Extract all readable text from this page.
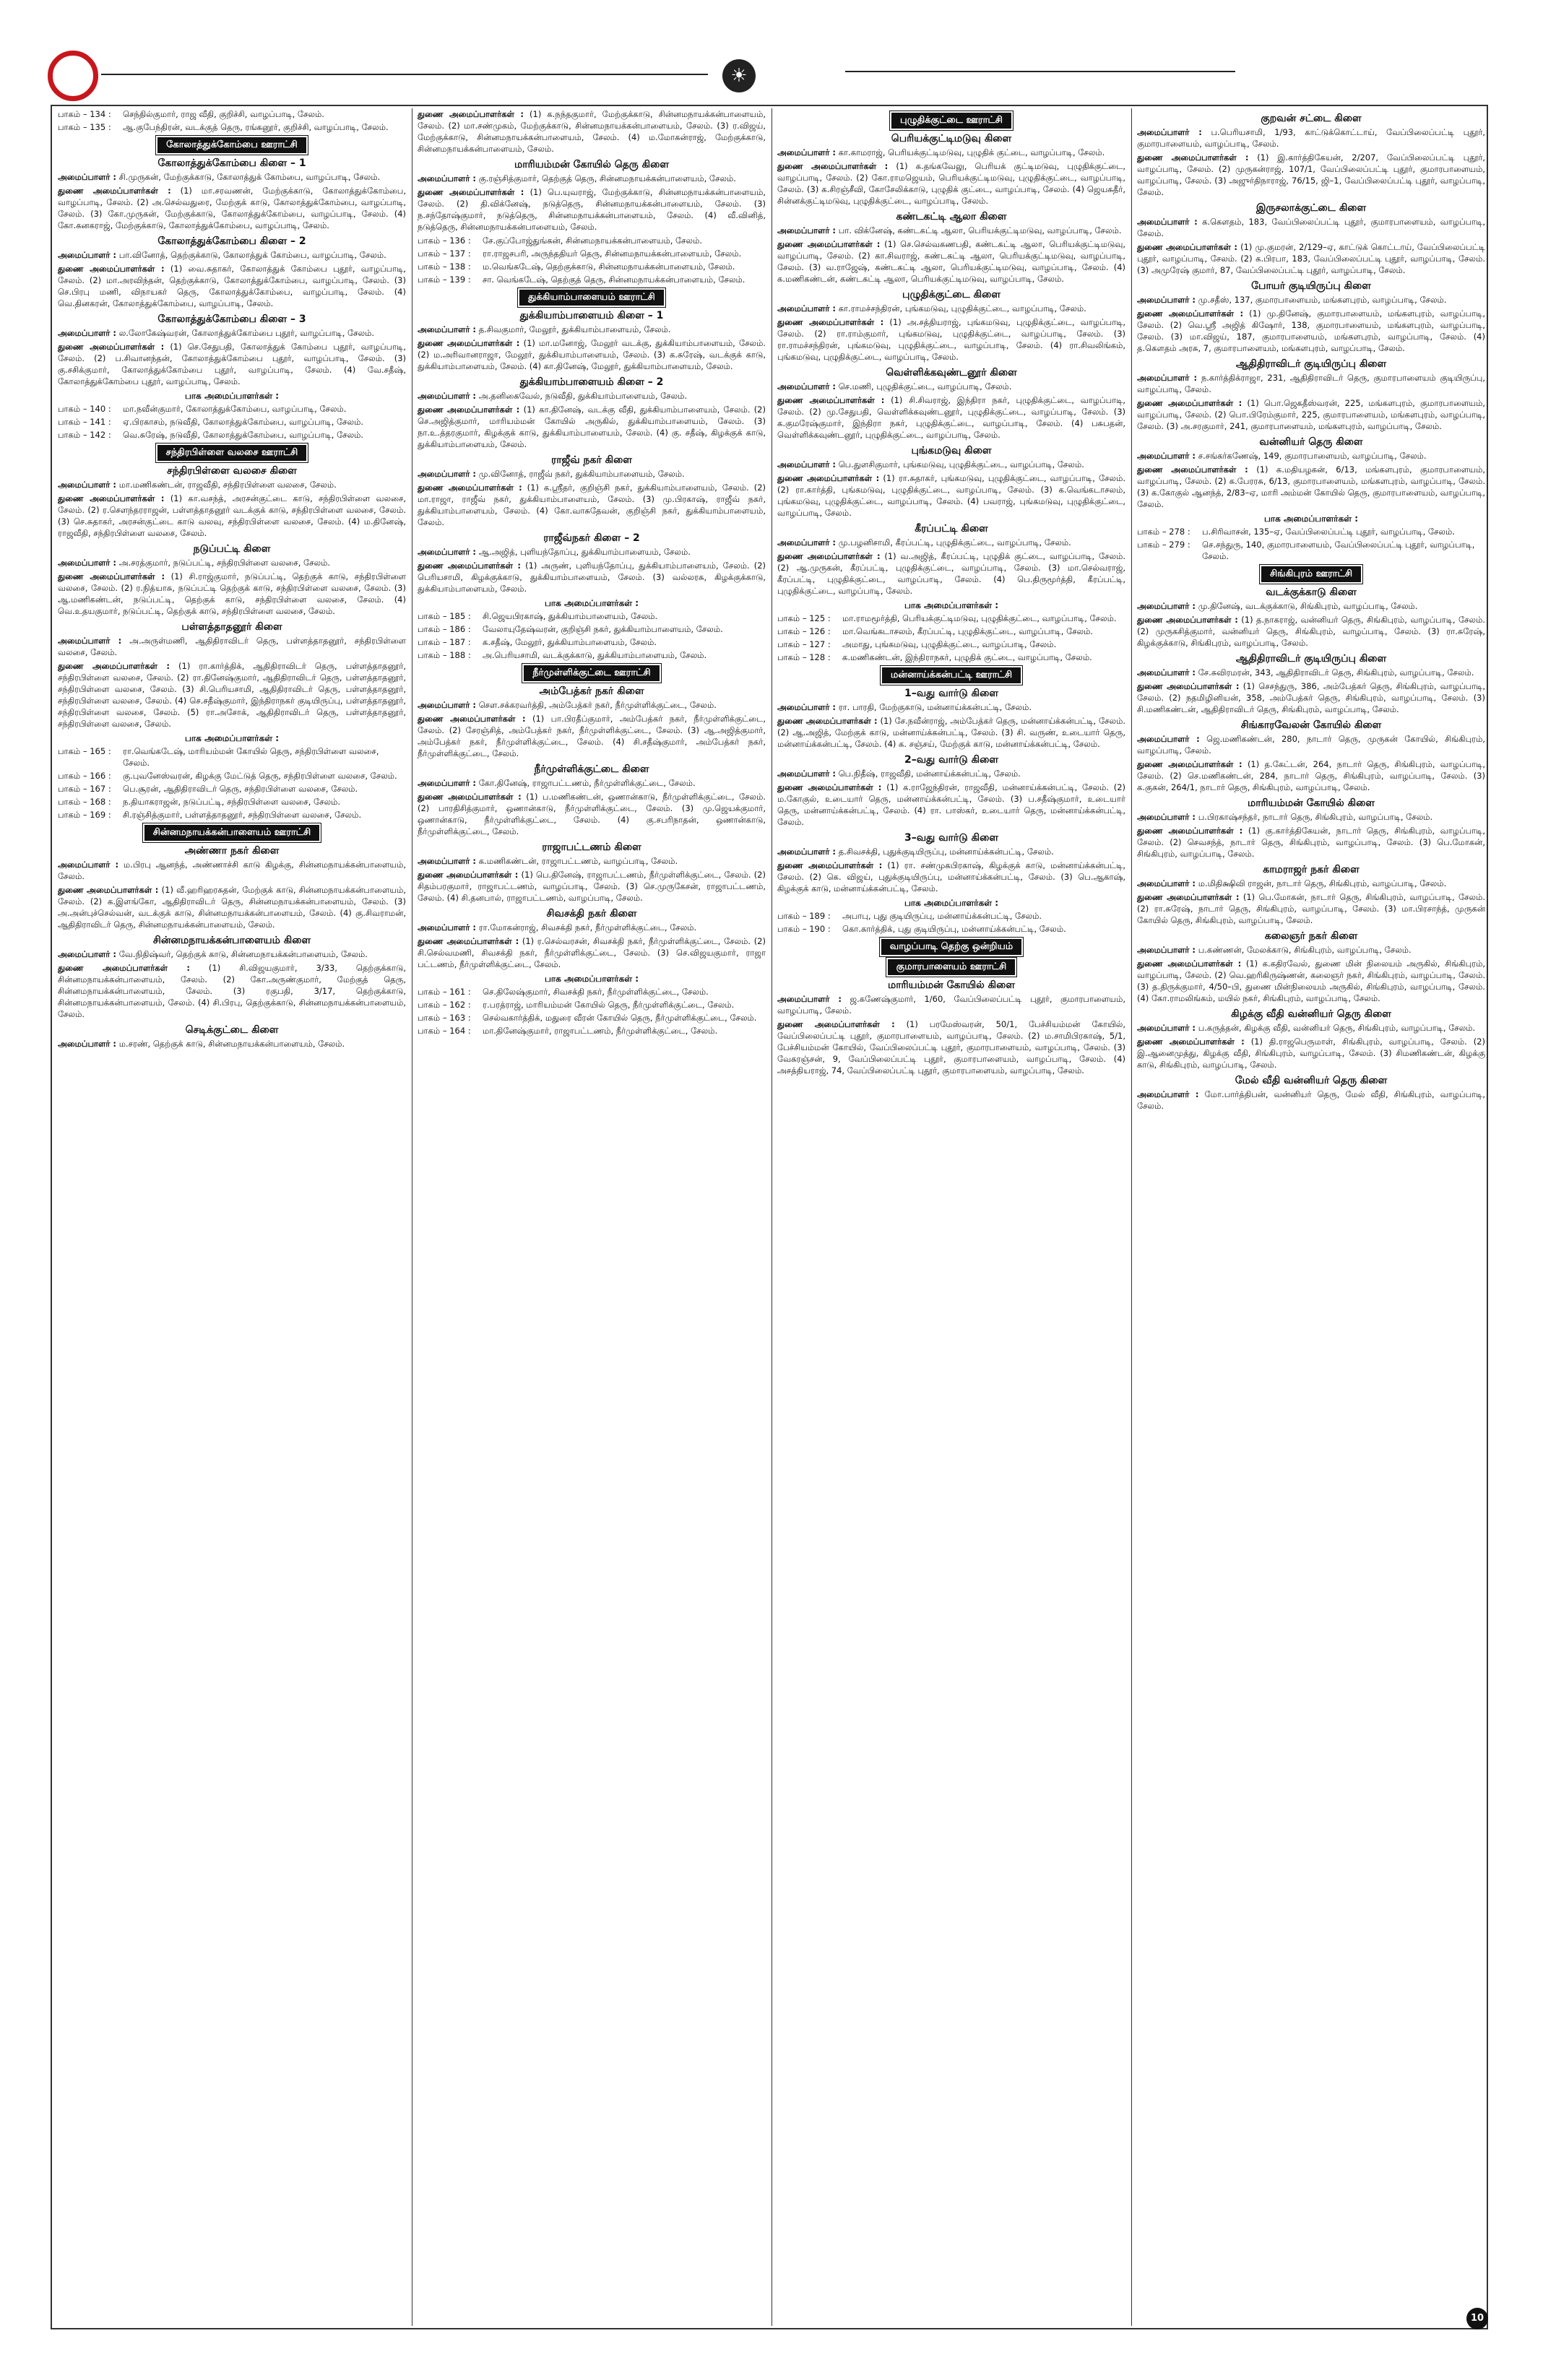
☀
பாகம் – 134 :	செந்தில்குமார், ராஜ வீதி, குறிச்சி, வாழப்பாடி, சேலம்.
பாகம் – 135 :	ஆ.குபேந்திரன், வடக்குத் தெரு, ரங்கனூர், குறிச்சி, வாழப்பாடி, சேலம்.
கோலாத்துக்கோம்பை ஊராட்சி
கோலாத்துக்கோம்பை கிளை – 1
அமைப்பாளர் : சி.முருகன், மேற்குக்காடு, கோலாத்துக் கோம்பை, வாழப்பாடி, சேலம்.
துணை அமைப்பாளர்கள் : (1) மா.சரவணன், மேற்குக்காடு, கோலாத்துக்கோம்பை, வாழப்பாடி, சேலம். (2) அ.செல்வதுரை, மேற்குக் காடு, கோலாத்துக்கோம்பை, வாழப்பாடி, சேலம். (3) கோ.முருகன், மேற்குக்காடு, கோலாத்துக்கோம்பை, வாழப்பாடி, சேலம். (4) கோ.கனகராஜ், மேற்குக்காடு, கோலாத்துக்கோம்பை, வாழப்பாடி, சேலம்.
கோலாத்துக்கோம்பை கிளை – 2
அமைப்பாளர் : பா.வினோத், தெற்குக்காடு, கோலாத்துக் கோம்பை, வாழப்பாடி, சேலம்.
துணை அமைப்பாளர்கள் : (1) வை.சுதாகர், கோலாத்துக் கோம்பை புதூர், வாழப்பாடி, சேலம். (2) மா.அரவிந்தன், தெற்குக்காடு, கோலாத்துக்கோம்பை, வாழப்பாடி, சேலம். (3) செ.பிரபு மணி, விநாயகர் தெரு, கோலாத்துக்கோம்பை, வாழப்பாடி, சேலம். (4) வெ.தினகரன், கோலாத்துக்கோம்பை, வாழப்பாடி, சேலம்.
கோலாத்துக்கோம்பை கிளை – 3
அமைப்பாளர் : ல.லோகேஷ்வரன், கோலாத்துக்கோம்பை புதூர், வாழப்பாடி, சேலம்.
துணை அமைப்பாளர்கள் : (1) செ.சேதுபதி, கோலாத்துக் கோம்பை புதூர், வாழப்பாடி, சேலம். (2) ப.சிவானந்தன், கோலாத்துக்கோம்பை புதூர், வாழப்பாடி, சேலம். (3) கு.சசிக்குமார், கோலாத்துக்கோம்பை புதூர், வாழப்பாடி, சேலம். (4) வே.சதீஷ், கோலாத்துக்கோம்பை புதூர், வாழப்பாடி, சேலம்.
பாக அமைப்பாளர்கள் :
பாகம் – 140 :	மா.நவீன்குமார், கோலாத்துக்கோம்பை, வாழப்பாடி, சேலம்.
பாகம் – 141 :	ஏ.பிரகாசம், நடுவீதி, கோலாத்துக்கோம்பை, வாழப்பாடி, சேலம்.
பாகம் – 142 :	வெ.சுரேஷ், நடுவீதி, கோலாத்துக்கோம்பை, வாழப்பாடி, சேலம்.
சந்திரபிள்ளை வலசை ஊராட்சி
சந்திரபிள்ளை வலசை கிளை
அமைப்பாளர் : மா.மணிகண்டன், ராஜவீதி, சந்திரபிள்ளை வலசை, சேலம்.
துணை அமைப்பாளர்கள் : (1) கா.வசந்த், அரசன்குட்டை காடு, சந்திரபிள்ளை வலசை, சேலம். (2) ர.சௌந்தரராஜன், பள்ளத்தாதனூர் வடக்குக் காடு, சந்திரபிள்ளை வலசை, சேலம். (3) செ.சுதாகர், அரசன்குட்டை காடு வலவு, சந்திரபிள்ளை வலசை, சேலம். (4) ம.தினேஷ், ராஜவீதி, சந்திரபிள்ளை வலசை, சேலம்.
நடுப்பட்டி கிளை
அமைப்பாளர் : அ.சரத்குமார், நடுப்பட்டி, சந்திரபிள்ளை வலசை, சேலம்.
துணை அமைப்பாளர்கள் : (1) சி.ராஜ்குமார், நடுப்பட்டி, தெற்குக் காடு, சந்திரபிள்ளை வலசை, சேலம். (2) ர.நித்யாசு, நடுப்பட்டி தெற்குக் காடு, சந்திரபிள்ளை வலசை, சேலம். (3) ஆ.மணிகண்டன், நடுப்பட்டி, தெற்குக் காடு, சந்திரபிள்ளை வலசை, சேலம். (4) வெ.உதயகுமார், நடுப்பட்டி, தெற்குக் காடு, சந்திரபிள்ளை வலசை, சேலம்.
பள்ளத்தாதனூர் கிளை
அமைப்பாளர் : அ.அருள்மணி, ஆதிதிராவிடர் தெரு, பள்ளத்தாதனூர், சந்திரபிள்ளை வலசை, சேலம்.
துணை அமைப்பாளர்கள் : (1) ரா.கார்த்திக், ஆதிதிராவிடர் தெரு, பள்ளத்தாதனூர், சந்திரபிள்ளை வலசை, சேலம். (2) ரா.தினேஷ்குமார், ஆதிதிராவிடர் தெரு, பள்ளத்தாதனூர், சந்திரபிள்ளை வலசை, சேலம். (3) சி.பெரியசாமி, ஆதிதிராவிடர் தெரு, பள்ளத்தாதனூர், சந்திரபிள்ளை வலசை, சேலம். (4) செ.சதீஷ்குமார், இந்திராநகர் குடியிருப்பு, பள்ளத்தாதனூர், சந்திரபிள்ளை வலசை, சேலம். (5) ரா.அசோக், ஆதிதிராவிடர் தெரு, பள்ளத்தாதனூர், சந்திரபிள்ளை வலசை, சேலம்.
பாக அமைப்பாளர்கள் :
பாகம் – 165 :	ரா.வெங்கடேஷ், மாரியம்மன் கோயில் தெரு, சந்திரபிள்ளை வலசை, சேலம்.
பாகம் – 166 :	கு.புவனேஸ்வரன், கிழக்கு மேட்டுத் தெரு, சந்திரபிள்ளை வலசை, சேலம்.
பாகம் – 167 :	பெ.சூரன், ஆதிதிராவிடர் தெரு, சந்திரபிள்ளை வலசை, சேலம்.
பாகம் – 168 :	ந.தியாகராஜன், நடுப்பட்டி, சந்திரபிள்ளை வலசை, சேலம்.
பாகம் – 169 :	சி.ரஞ்சித்குமார், பள்ளத்தாதனூர், சந்திரபிள்ளை வலசை, சேலம்.
சின்னமநாயக்கன்பாளையம் ஊராட்சி
அண்ணா நகர் கிளை
அமைப்பாளர் : ம.பிரபு ஆனந்த், அண்ணாச்சி காடு கிழக்கு, சின்னமநாயக்கன்பாளையம், சேலம்.
துணை அமைப்பாளர்கள் : (1) வீ.ஹரிஹரசுதன், மேற்குக் காடு, சின்னமநாயக்கன்பாளையம், சேலம். (2) க.இளங்கோ, ஆதிதிராவிடர் தெரு, சின்னமநாயக்கன்பாளையம், சேலம். (3) அ.அன்புச்செல்வன், வடக்குக் காடு, சின்னமநாயக்கன்பாளையம், சேலம். (4) கு.சிவராமன், ஆதிதிராவிடர் தெரு, சின்னமநாயக்கன்பாளையம், சேலம்.
சின்னமநாயக்கன்பாளையம் கிளை
அமைப்பாளர் : வே.நிதிஷ்வர், தெற்குக் காடு, சின்னமநாயக்கன்பாளையம், சேலம்.
துணை அமைப்பாளர்கள் : (1) சி.விஜயகுமார், 3/33, தெற்குக்காடு, சின்னமநாயக்கன்பாளையம், சேலம். (2) கோ.அருண்குமார், மேற்குத் தெரு, சின்னமநாயக்கன்பாளையம், சேலம். (3) ரகுபதி, 3/17, தெற்குக்காடு, சின்னமநாயக்கன்பாளையம், சேலம். (4) சி.பிரபு, தெற்குக்காடு, சின்னமநாயக்கன்பாளையம், சேலம்.
செடிக்குட்டை கிளை
அமைப்பாளர் : ம.சரண், தெற்குக் காடு, சின்னமநாயக்கன்பாளையம், சேலம்.
துணை அமைப்பாளர்கள் : (1) க.நந்தகுமார், மேற்குக்காடு, சின்னமநாயக்கன்பாளையம், சேலம். (2) மா.சண்முகம், மேற்குக்காடு, சின்னமநாயக்கன்பாளையம், சேலம். (3) ர.விஜய், மேற்குக்காடு, சின்னமநாயக்கன்பாளையம், சேலம். (4) ம.மோகன்ராஜ், மேற்குக்காடு, சின்னமநாயக்கன்பாளையம், சேலம்.
மாரியம்மன் கோயில் தெரு கிளை
அமைப்பாளர் : கு.ரஞ்சித்குமார், தெற்குத் தெரு, சின்னமநாயக்கன்பாளையம், சேலம்.
துணை அமைப்பாளர்கள் : (1) பெ.யுவராஜ், மேற்குக்காடு, சின்னமநாயக்கன்பாளையம், சேலம். (2) தி.விக்னேஷ், நடுத்தெரு, சின்னமநாயக்கன்பாளையம், சேலம். (3) ந.சந்தோஷ்குமார், நடுத்தெரு, சின்னமநாயக்கன்பாளையம், சேலம். (4) வீ.வினித், நடுத்தெரு, சின்னமநாயக்கன்பாளையம், சேலம்.
பாகம் – 136 :	சே.குப்போஜ்துங்கன், சின்னமநாயக்கன்பாளையம், சேலம்.
பாகம் – 137 :	ரா.ராஜசபரி, அருந்ததியர் தெரு, சின்னமநாயக்கன்பாளையம், சேலம்.
பாகம் – 138 :	ம.வெங்கடேஷ், தெற்குக்காடு, சின்னமநாயக்கன்பாளையம், சேலம்.
பாகம் – 139 :	சா. வெங்கடேஷ், தெற்குத் தெரு, சின்னமநாயக்கன்பாளையம், சேலம்.
துக்கியாம்பாளையம் ஊராட்சி
துக்கியாம்பாளையம் கிளை – 1
அமைப்பாளர் : த.சிவகுமார், மேலூர், துக்கியாம்பாளையம், சேலம்.
துணை அமைப்பாளர்கள் : (1) மா.மனோஜ், மேலூர் வடக்கு, துக்கியாம்பாளையம், சேலம். (2) ம.அரிவானராஜா, மேலூர், துக்கியாம்பாளையம், சேலம். (3) க.சுரேஷ், வடக்குக் காடு, துக்கியாம்பாளையம், சேலம். (4) கா.தினேஷ், மேலூர், துக்கியாம்பாளையம், சேலம்.
துக்கியாம்பாளையம் கிளை – 2
அமைப்பாளர் : அ.தனிகைவேல், நடுவீதி, துக்கியாம்பாளையம், சேலம்.
துணை அமைப்பாளர்கள் : (1) கா.தினேஷ், வடக்கு வீதி, துக்கியாம்பாளையம், சேலம். (2) செ.அஜித்குமார், மாரியம்மன் கோயில் அருகில், துக்கியாம்பாளையம், சேலம். (3) நா.உ.த்தரகுமார், கிழக்குக் காடு, துக்கியாம்பாளையம், சேலம். (4) கு. சதீஷ், கிழக்குக் காடு, துக்கியாம்பாளையம், சேலம்.
ராஜீவ் நகர் கிளை
அமைப்பாளர் : மு.வினோத், ராஜீவ் நகர், துக்கியாம்பாளையம், சேலம்.
துணை அமைப்பாளர்கள் : (1) க.ஸ்ரீதர், குறிஞ்சி நகர், துக்கியாம்பாளையம், சேலம். (2) மா.ராஜா, ராஜீவ் நகர், துக்கியாம்பாளையம், சேலம். (3) மு.பிரகாஷ், ராஜீவ் நகர், துக்கியாம்பாளையம், சேலம். (4) கோ.வாசுதேவன், குறிஞ்சி நகர், துக்கியாம்பாளையம், சேலம்.
ராஜீவ்நகர் கிளை – 2
அமைப்பாளர் : ஆ.அஜித், புளியந்தோப்பு, துக்கியாம்பாளையம், சேலம்.
துணை அமைப்பாளர்கள் : (1) அருண், புளியந்தோப்பு, துக்கியாம்பாளையம், சேலம். (2) பெரியசாமி, கிழக்குக்காடு, துக்கியாம்பாளையம், சேலம். (3) வல்லரசு, கிழக்குக்காடு, துக்கியாம்பாளையம், சேலம்.
பாக அமைப்பாளர்கள் :
பாகம் – 185 :	சி.ஜெயபிரகாஷ், துக்கியாம்பாளையம், சேலம்.
பாகம் – 186 :	வேலாயுதேஷ்வரன், குறிஞ்சி நகர், துக்கியாம்பாளையம், சேலம்.
பாகம் – 187 :	க.சதீஷ், மேலூர், துக்கியாம்பாளையம், சேலம்.
பாகம் – 188 :	அ.பெரியசாமி, வடக்குக்காடு, துக்கியாம்பாளையம், சேலம்.
நீர்முள்ளிக்குட்டை ஊராட்சி
அம்பேத்கர் நகர் கிளை
அமைப்பாளர் : செள.சக்கரவர்த்தி, அம்பேத்கர் நகர், நீர்முள்ளிக்குட்டை, சேலம்.
துணை அமைப்பாளர்கள் : (1) பா.பிரதீப்குமார், அம்பேத்கர் நகர், நீர்முள்ளிக்குட்டை, சேலம். (2) சேரஞ்சித், அம்பேத்கர் நகர், நீர்முள்ளிக்குட்டை, சேலம். (3) ஆ.அஜித்குமார், அம்பேத்கர் நகர், நீர்முள்ளிக்குட்டை, சேலம். (4) சி.சதீஷ்குமார், அம்பேத்கர் நகர், நீர்முள்ளிக்குட்டை, சேலம்.
நீர்முள்ளிக்குட்டை கிளை
அமைப்பாளர் : கோ.தினேஷ், ராஜாபட்டணம், நீர்முள்ளிக்குட்டை, சேலம்.
துணை அமைப்பாளர்கள் : (1) ப.மணிகண்டன், ஒணான்காடு, நீர்முள்ளிக்குட்டை, சேலம். (2) பாரதிசித்குமார், ஒணான்காடு, நீர்முள்ளிக்குட்டை, சேலம். (3) மு.ஜெயக்குமார், ஒணான்காடு, நீர்முள்ளிக்குட்டை, சேலம். (4) கு.சபரிநாதன், ஒணான்காடு, நீர்முள்ளிக்குட்டை, சேலம்.
ராஜாபட்டணம் கிளை
அமைப்பாளர் : க.மணிகண்டன், ராஜாபட்டணம், வாழப்பாடி, சேலம்.
துணை அமைப்பாளர்கள் : (1) பெ.தினேஷ், ராஜாபட்டணம், நீர்முள்ளிக்குட்டை, சேலம். (2) சிதம்பரகுமார், ராஜாபட்டணம், வாழப்பாடி, சேலம். (3) செ.முருகேசன், ராஜாபட்டணம், சேலம். (4) சி.தனபால், ராஜாபட்டணம், வாழப்பாடி, சேலம்.
சிவசக்தி நகர் கிளை
அமைப்பாளர் : ரா.மோகன்ராஜ், சிவசக்தி நகர், நீர்முள்ளிக்குட்டை, சேலம்.
துணை அமைப்பாளர்கள் : (1) ர.செல்வரசன், சிவசக்தி நகர், நீர்முள்ளிக்குட்டை, சேலம். (2) சி.செல்வமணி, சிவசக்தி நகர், நீர்முள்ளிக்குட்டை, சேலம். (3) செ.விஜயகுமார், ராஜா பட்டணம், நீர்முள்ளிக்குட்டை, சேலம்.
பாக அமைப்பாளர்கள் :
பாகம் – 161 :	செ.திலேஷ்குமார், சிவசக்தி நகர், நீர்முள்ளிக்குட்டை, சேலம்.
பாகம் – 162 :	ர.பரத்ராஜ், மாரியம்மன் கோயில் தெரு, நீர்முள்ளிக்குட்டை, சேலம்.
பாகம் – 163 :	செல்வகார்த்திக், மதுரை வீரன் கோயில் தெரு, நீர்முள்ளிக்குட்டை, சேலம்.
பாகம் – 164 :	மா.தினேஷ்குமார், ராஜாபட்டணம், நீர்முள்ளிக்குட்டை, சேலம்.
புழுதிக்குட்டை ஊராட்சி
பெரியக்குட்டிமடுவு கிளை
அமைப்பாளர் : கா.காமராஜ், பெரியக்குட்டிமடுவு, புழுதிக் குட்டை, வாழப்பாடி, சேலம்.
துணை அமைப்பாளர்கள் : (1) க.தங்கவேலு, பெரியக் குட்டிமடுவு, புழுதிக்குட்டை, வாழப்பாடி, சேலம். (2) கோ.ராமஜெயம், பெரியக்குட்டிமடுவு, புழுதிக்குட்டை, வாழப்பாடி, சேலம். (3) க.சிரஞ்சீவி, கோசேலிக்காடு, புழுதிக் குட்டை, வாழப்பாடி, சேலம். (4) ஜெயசுதீர், சின்னக்குட்டிமடுவு, புழுதிக்குட்டை, வாழப்பாடி, சேலம்.
கண்டகட்டி ஆலா கிளை
அமைப்பாளர் : பா. விக்னேஷ், கண்டகட்டி ஆலா, பெரியக்குட்டிமடுவு, வாழப்பாடி, சேலம்.
துணை அமைப்பாளர்கள் : (1) செ.செல்வகணபதி, கண்டகட்டி ஆலா, பெரியக்குட்டிமடுவு, வாழப்பாடி, சேலம். (2) கா.சிவராஜ், கண்டகட்டி ஆலா, பெரியக்குட்டிமடுவு, வாழப்பாடி, சேலம். (3) வ.ராஜேஷ், கண்டகட்டி ஆலா, பெரியக்குட்டிமடுவு, வாழப்பாடி, சேலம். (4) க.மணிகண்டன், கண்டகட்டி ஆலா, பெரியக்குட்டிமடுவு, வாழப்பாடி, சேலம்.
புழுதிக்குட்டை கிளை
அமைப்பாளர் : கா.ராமச்சந்திரன், புங்கமடுவு, புழுதிக்குட்டை, வாழப்பாடி, சேலம்.
துணை அமைப்பாளர்கள் : (1) அ.சத்தியராஜ், புங்கமடுவு, புழுதிக்குட்டை, வாழப்பாடி, சேலம். (2) ரா.ராம்குமார், புங்கமடுவு, புழுதிக்குட்டை, வாழப்பாடி, சேலம். (3) ரா.ராமச்சந்திரன், புங்கமடுவு, புழுதிக்குட்டை, வாழப்பாடி, சேலம். (4) ரா.சிவலிங்கம், புங்கமடுவு, புழுதிக்குட்டை, வாழப்பாடி, சேலம்.
வெள்ளிக்கவுண்டனூர் கிளை
அமைப்பாளர் : செ.மணி, புழுதிக்குட்டை, வாழப்பாடி, சேலம்.
துணை அமைப்பாளர்கள் : (1) சி.சிவராஜ், இந்திரா நகர், புழுதிக்குட்டை, வாழப்பாடி, சேலம். (2) மு.சேதுபதி, வெள்ளிக்கவுண்டனூர், புழுதிக்குட்டை, வாழப்பாடி, சேலம். (3) க.குமரேஷ்குமார், இந்திரா நகர், புழுதிக்குட்டை, வாழப்பாடி, சேலம். (4) பசுபதன், வெள்ளிக்கவுண்டனூர், புழுதிக்குட்டை, வாழப்பாடி, சேலம்.
புங்கமடுவு கிளை
அமைப்பாளர் : பெ.துளசிகுமார், புங்கமடுவு, புழுதிக்குட்டை, வாழப்பாடி, சேலம்.
துணை அமைப்பாளர்கள் : (1) ரா.சுதாகர், புங்கமடுவு, புழுதிக்குட்டை, வாழப்பாடி, சேலம். (2) ரா.கார்த்தி, புங்கமடுவு, புழுதிக்குட்டை, வாழப்பாடி, சேலம். (3) க.வெங்கடாசலம், புங்கமடுவு, புழுதிக்குட்டை, வாழப்பாடி, சேலம். (4) பவராஜ், புங்கமடுவு, புழுதிக்குட்டை, வாழப்பாடி, சேலம்.
கீரப்பட்டி கிளை
அமைப்பாளர் : மு.பழனிசாமி, கீரப்பட்டி, புழுதிக்குட்டை, வாழப்பாடி, சேலம்.
துணை அமைப்பாளர்கள் : (1) வ.அஜித், கீரப்பட்டி, புழுதிக் குட்டை, வாழப்பாடி, சேலம். (2) ஆ.முருகன், கீரப்பட்டி, புழுதிக்குட்டை, வாழப்பாடி, சேலம். (3) மா.செல்வராஜ், கீரப்பட்டி, புழுதிக்குட்டை, வாழப்பாடி, சேலம். (4) பெ.திருமூர்த்தி, கீரப்பட்டி, புழுதிக்குட்டை, வாழப்பாடி, சேலம்.
பாக அமைப்பாளர்கள் :
பாகம் – 125 :	மா.ராமமூர்த்தி, பெரியக்குட்டிமடுவு, புழுதிக்குட்டை, வாழப்பாடி, சேலம்.
பாகம் – 126 :	மா.வெங்கடாசலம், கீரப்பட்டி, புழுதிக்குட்டை, வாழப்பாடி, சேலம்.
பாகம் – 127 :	அமாது, புங்கமடுவு, புழுதிக்குட்டை, வாழப்பாடி, சேலம்.
பாகம் – 128 :	க.மணிகண்டன், இந்திராநகர், புழுதிக் குட்டை, வாழப்பாடி, சேலம்.
மன்னாய்க்கன்பட்டி ஊராட்சி
1–வது வார்டு கிளை
அமைப்பாளர் : ரா. பாரதி, மேற்குகாடு, மன்னாய்க்கன்பட்டி, சேலம்.
துணை அமைப்பாளர்கள் : (1) சே.நவீன்ராஜ், அம்பேத்கர் தெரு, மன்னாய்க்கன்பட்டி, சேலம். (2) ஆ.அஜித், மேற்குக் காடு, மன்னாய்க்கன்பட்டி, சேலம். (3) சி. வருண், உடையார் தெரு, மன்னாய்க்கன்பட்டி, சேலம். (4) க. சஞ்சய், மேற்குக் காடு, மன்னாய்க்கன்பட்டி, சேலம்.
2–வது வார்டு கிளை
அமைப்பாளர் : பெ.நிதீஷ், ராஜவீதி, மன்னாய்க்கன்பட்டி, சேலம்.
துணை அமைப்பாளர்கள் : (1) க.ராஜேந்திரன், ராஜவீதி, மன்னாய்க்கன்பட்டி, சேலம். (2) ம.கோகுல், உடையார் தெரு, மன்னாய்க்கன்பட்டி, சேலம். (3) ப.சதீஷ்குமார், உடையார் தெரு, மன்னாய்க்கன்பட்டி, சேலம். (4) ரா. பாஸ்கர், உடையார் தெரு, மன்னாய்க்கன்பட்டி, சேலம்.
3–வது வார்டு கிளை
அமைப்பாளர் : த.சிவசக்தி, புதுக்குடியிருப்பு, மன்னாய்க்கன்பட்டி, சேலம்.
துணை அமைப்பாளர்கள் : (1) ரா. சண்முகபிரகாஷ், கிழக்குக் காடு, மன்னாய்க்கன்பட்டி, சேலம். (2) கெ. விஜய், புதுக்குடியிருப்பு, மன்னாய்க்கன்பட்டி, சேலம். (3) பெ.ஆகாஷ், கிழக்குக் காடு, மன்னாய்க்கன்பட்டி, சேலம்.
பாக அமைப்பாளர்கள் :
பாகம் – 189 :	அபாபு, புது குடியிருப்பு, மன்னாய்க்கன்பட்டி, சேலம்.
பாகம் – 190 :	கொ.கார்த்திக், புது குடியிருப்பு, மன்னாய்க்கன்பட்டி, சேலம்.
வாழப்பாடி தெற்கு ஒன்றியம்
குமாரபாளையம் ஊராட்சி
மாரியம்மன் கோயில் கிளை
அமைப்பாளர் : ஜ.கணேஷ்குமார், 1/60, வேப்பிலைப்பட்டி புதூர், குமாரபாளையம், வாழப்பாடி, சேலம்.
துணை அமைப்பாளர்கள் : (1) பரமேஸ்வரன், 50/1, பேச்சியம்மன் கோயில், வேப்பிலைப்பட்டி புதூர், குமாரபாளையம், வாழப்பாடி, சேலம். (2) ம.சாமிபிரகாஷ், 5/1, பேச்சியம்மன் கோயில், வேப்பிலைப்பட்டி புதூர், குமாரபாளையம், வாழப்பாடி, சேலம். (3) வேகரஞ்சன், 9, வேப்பிலைப்பட்டி புதூர், குமாரபாளையம், வாழப்பாடி, சேலம். (4) அசத்தியராஜ், 74, வேப்பிலைப்பட்டி புதூர், குமாரபாளையம், வாழப்பாடி, சேலம்.
குறவன் சட்டை கிளை
அமைப்பாளர் : ப.பெரியசாமி, 1/93, காட்டுக்கொட்டாய், வேப்பிலைப்பட்டி புதூர், குமாரபாளையம், வாழப்பாடி, சேலம்.
துணை அமைப்பாளர்கள் : (1) இ.கார்த்திகேயன், 2/207, வேப்பிலைப்பட்டி புதூர், வாழப்பாடி, சேலம். (2) முருகன்ராஜ், 107/1, வேப்பிலைப்பட்டி புதூர், குமாரபாளையம், வாழப்பாடி, சேலம். (3) அஜுர்திநாராஜ், 76/15, ஜி–1, வேப்பிலைப்பட்டி புதூர், வாழப்பாடி, சேலம்.
இருசலாக்குட்டை கிளை
அமைப்பாளர் : க.கௌதம், 183, வேப்பிலைப்பட்டி புதூர், குமாரபாளையம், வாழப்பாடி, சேலம்.
துணை அமைப்பாளர்கள் : (1) மு.குமரன், 2/129–ஏ, காட்டுக் கொட்டாய், வேப்பிலைப்பட்டி புதூர், வாழப்பாடி, சேலம். (2) க.பிரபா, 183, வேப்பிலைப்பட்டி புதூர், வாழப்பாடி, சேலம். (3) அமுரேஷ் குமார், 87, வேப்பிலைப்பட்டி புதூர், வாழப்பாடி, சேலம்.
போயர் குடியிருப்பு கிளை
அமைப்பாளர் : மு.சதீஸ், 137, குமாரபாளையம், மங்களபுரம், வாழப்பாடி, சேலம்.
துணை அமைப்பாளர்கள் : (1) மு.தினேஷ், குமாரபாளையம், மங்களபுரம், வாழப்பாடி, சேலம். (2) வெ.ஸ்ரீ அஜித் கிஷோர், 138, குமாரபாளையம், மங்களபுரம், வாழப்பாடி, சேலம். (3) மா.விஜய், 187, குமாரபாளையம், மங்களபுரம், வாழப்பாடி, சேலம். (4) த.கௌதம் அரசு, 7, குமாரபாளையம், மங்களபுரம், வாழப்பாடி, சேலம்.
ஆதிதிராவிடர் குடியிருப்பு கிளை
அமைப்பாளர் : ந.கார்த்திக்ராஜா, 231, ஆதிதிராவிடர் தெரு, குமாரபாளையம் குடியிருப்பு, வாழப்பாடி, சேலம்.
துணை அமைப்பாளர்கள் : (1) பொ.ஜெகதீஸ்வரன், 225, மங்களபுரம், குமாரபாளையம், வாழப்பாடி, சேலம். (2) பொ.பிரேம்குமார், 225, குமாரபாளையம், மங்களபுரம், வாழப்பாடி, சேலம். (3) அ.சரகுமார், 241, குமாரபாளையம், மங்களபுரம், வாழப்பாடி, சேலம்.
வன்னியர் தெரு கிளை
அமைப்பாளர் : ச.சங்கர்கணேஷ், 149, குமாரபாளையம், வாழப்பாடி, சேலம்.
துணை அமைப்பாளர்கள் : (1) க.மதியழகன், 6/13, மங்களபுரம், குமாரபாளையம், வாழப்பாடி, சேலம். (2) க.பேரரசு, 6/13, குமாரபாளையம், மங்களபுரம், வாழப்பாடி, சேலம். (3) க.கோகுல் ஆனந்த், 2/83–ஏ, மாரி அம்மன் கோயில் தெரு, குமாரபாளையம், வாழப்பாடி, சேலம்.
பாக அமைப்பாளர்கள் :
பாகம் – 278 :	ப.சிரிவாசன், 135–ஏ, வேப்பிலைப்பட்டி புதூர், வாழப்பாடி, சேலம்.
பாகம் – 279 :	செ.சந்துரு, 140, குமாரபாளையம், வேப்பிலைப்பட்டி புதூர், வாழப்பாடி, சேலம்.
சிங்கிபுரம் ஊராட்சி
வடக்குக்காடு கிளை
அமைப்பாளர் : மு.தினேஷ், வடக்குக்காடு, சிங்கிபுரம், வாழப்பாடி, சேலம்.
துணை அமைப்பாளர்கள் : (1) த.நாகராஜ், வன்னியர் தெரு, சிங்கிபுரம், வாழப்பாடி, சேலம். (2) முருகசித்குமார், வன்னியர் தெரு, சிங்கிபுரம், வாழப்பாடி, சேலம். (3) ரா.சுரேஷ், கிழக்குக்காடு, சிங்கிபுரம், வாழப்பாடி, சேலம்.
ஆதிதிராவிடர் குடியிருப்பு கிளை
அமைப்பாளர் : சே.சுவிரமரன், 343, ஆதிதிராவிடர் தெரு, சிங்கிபுரம், வாழப்பாடி, சேலம்.
துணை அமைப்பாளர்கள் : (1) செசந்துரு, 386, அம்பேத்கர் தெரு, சிங்கிபுரம், வாழப்பாடி, சேலம். (2) நதமிழினியன், 358, அம்பேத்கர் தெரு, சிங்கிபுரம், வாழப்பாடி, சேலம். (3) சி.மணிகண்டன், ஆதிதிராவிடர் தெரு, சிங்கிபுரம், வாழப்பாடி, சேலம்.
சிங்காரவேலன் கோயில் கிளை
அமைப்பாளர் : ஜெ.மணிகண்டன், 280, நாடார் தெரு, முருகன் கோயில், சிங்கிபுரம், வாழப்பாடி, சேலம்.
துணை அமைப்பாளர்கள் : (1) த.கேட்டன், 264, நாடார் தெரு, சிங்கிபுரம், வாழப்பாடி, சேலம். (2) செ.மணிகண்டன், 284, நாடார் தெரு, சிங்கிபுரம், வாழப்பாடி, சேலம். (3) க.குகன், 264/1, நாடார் தெரு, சிங்கிபுரம், வாழப்பாடி, சேலம்.
மாரியம்மன் கோயில் கிளை
அமைப்பாளர் : ப.பிரகாஷ்சந்தர், நாடார் தெரு, சிங்கிபுரம், வாழப்பாடி, சேலம்.
துணை அமைப்பாளர்கள் : (1) கு.கார்த்திகேயன், நாடார் தெரு, சிங்கிபுரம், வாழப்பாடி, சேலம். (2) செவசந்த், நாடார் தெரு, சிங்கிபுரம், வாழப்பாடி, சேலம். (3) பெ.மோகன், சிங்கிபுரம், வாழப்பாடி, சேலம்.
காமராஜர் நகர் கிளை
அமைப்பாளர் : ம.மிதிக்ஷிவி ராஜன், நாடார் தெரு, சிங்கிபுரம், வாழப்பாடி, சேலம்.
துணை அமைப்பாளர்கள் : (1) பெ.மோகன், நாடார் தெரு, சிங்கிபுரம், வாழப்பாடி, சேலம். (2) ரா.சுரேஷ், நாடார் தெரு, சிங்கிபுரம், வாழப்பாடி, சேலம். (3) மா.பிரசாந்த், முருகன் கோயில் தெரு, சிங்கிபுரம், வாழப்பாடி, சேலம்.
கலைஞர் நகர் கிளை
அமைப்பாளர் : ப.கண்ணன், மேலக்காடு, சிங்கிபுரம், வாழப்பாடி, சேலம்.
துணை அமைப்பாளர்கள் : (1) க.கதிரவேல், துணை மின் நிலையம் அருகில், சிங்கிபுரம், வாழப்பாடி, சேலம். (2) வெ.ஹரிகிருஷ்ணன், கலைஞர் நகர், சிங்கிபுரம், வாழப்பாடி, சேலம். (3) த.திருக்குமார், 4/50–பி, துணை மின்நிலையம் அருகில், சிங்கிபுரம், வாழப்பாடி, சேலம். (4) கோ.ராமலிங்கம், மயில் நகர், சிங்கிபுரம், வாழப்பாடி, சேலம்.
கிழக்கு வீதி வன்னியர் தெரு கிளை
அமைப்பாளர் : ப.கருத்தன், கிழக்கு வீதி, வன்னியர் தெரு, சிங்கிபுரம், வாழப்பாடி, சேலம்.
துணை அமைப்பாளர்கள் : (1) தி.ராஜபெருமாள், சிங்கிபுரம், வாழப்பாடி, சேலம். (2) இ.ஆனைமுத்து, கிழக்கு வீதி, சிங்கிபுரம், வாழப்பாடி, சேலம். (3) சிமணிகண்டன், கிழக்கு காடு, சிங்கிபுரம், வாழப்பாடி, சேலம்.
மேல் வீதி வன்னியர் தெரு கிளை
அமைப்பாளர் : மோ.பார்த்திபன், வன்னியர் தெரு, மேல் வீதி, சிங்கிபுரம், வாழப்பாடி, சேலம்.
10
